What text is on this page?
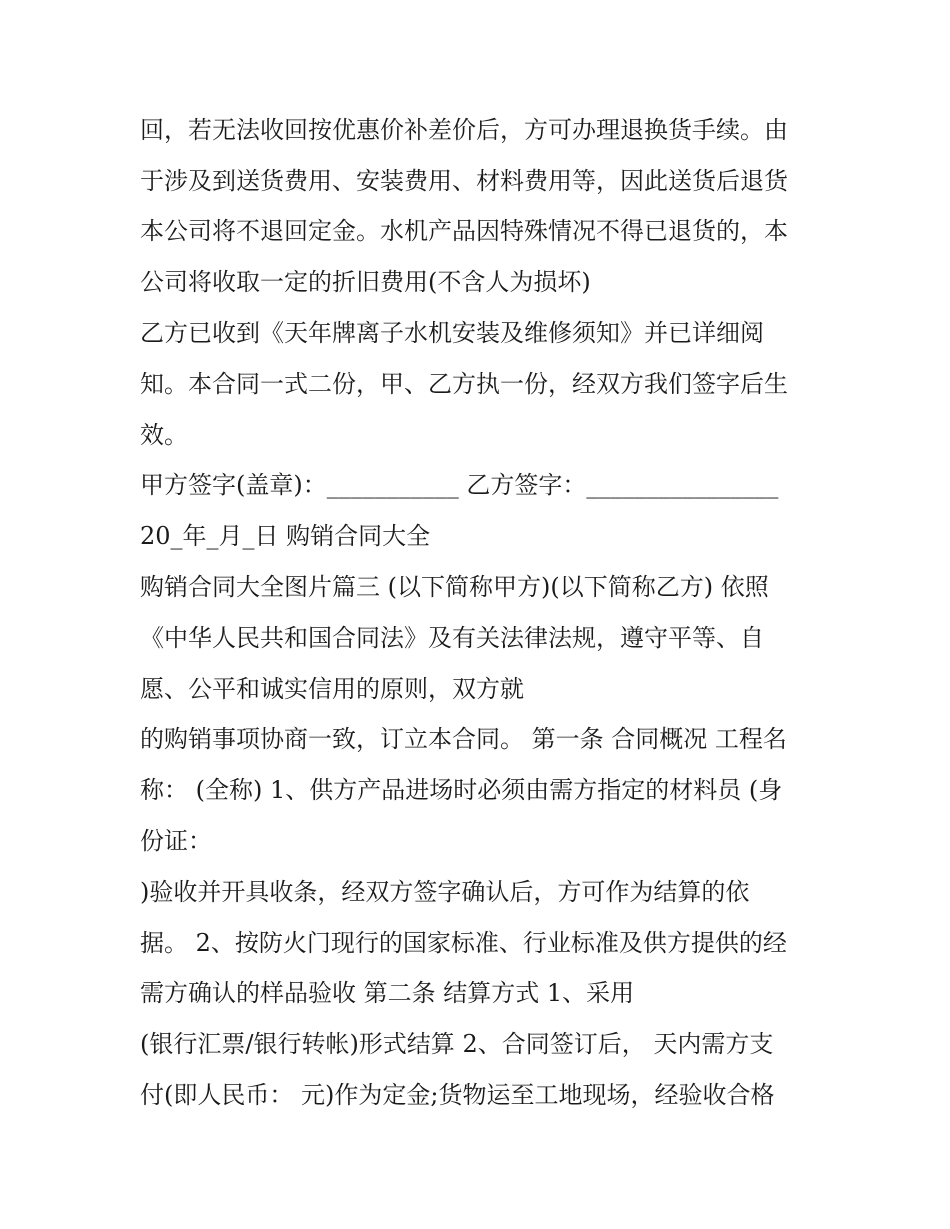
回，若无法收回按优惠价补差价后，方可办理退换货手续。由
于涉及到送货费用、安装费用、材料费用等，因此送货后退货
本公司将不退回定金。水机产品因特殊情况不得已退货的，本
公司将收取一定的折旧费用(不含人为损坏)
乙方已收到《天年牌离子水机安装及维修须知》并已详细阅
知。本合同一式二份，甲、乙方执一份，经双方我们签字后生
效。
甲方签字(盖章)：___________ 乙方签字：________________
20_年_月_日 购销合同大全
购销合同大全图片篇三 (以下简称甲方)(以下简称乙方) 依照
《中华人民共和国合同法》及有关法律法规，遵守平等、自
愿、公平和诚实信用的原则，双方就
的购销事项协商一致，订立本合同。 第一条 合同概况 工程名
称： (全称) 1、供方产品进场时必须由需方指定的材料员 (身
份证：
)验收并开具收条，经双方签字确认后，方可作为结算的依
据。 2、按防火门现行的国家标准、行业标准及供方提供的经
需方确认的样品验收 第二条 结算方式 1、采用
(银行汇票/银行转帐)形式结算 2、合同签订后， 天内需方支
付(即人民币： 元)作为定金;货物运至工地现场，经验收合格
